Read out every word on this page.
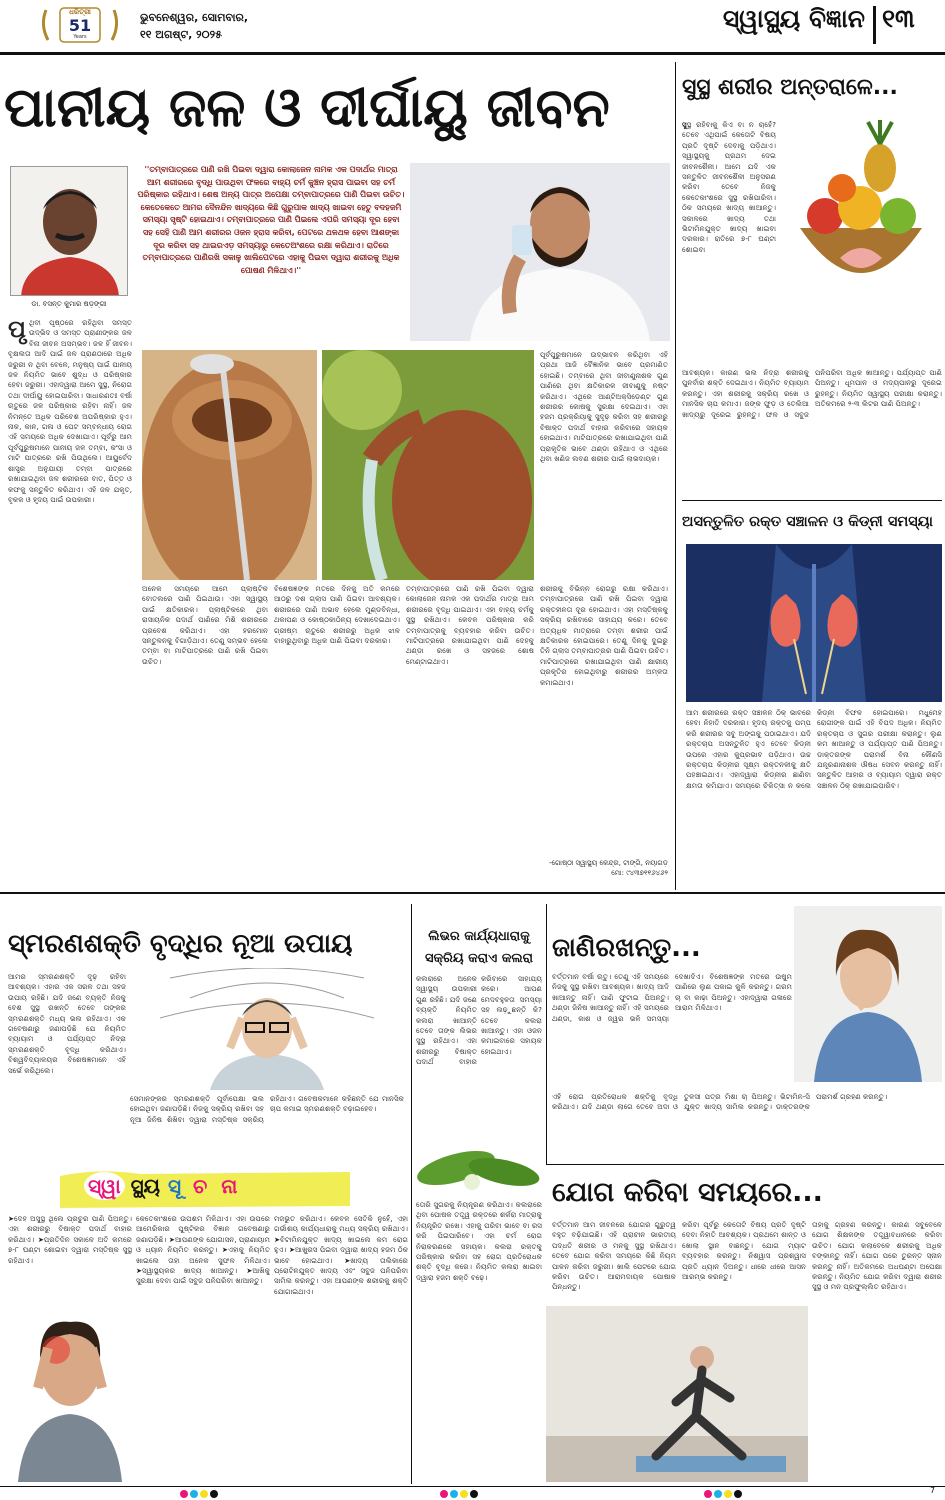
ଧରିତ୍ରୀ
51
Years
ଭୁବନେଶ୍ୱର, ସୋମବାର,
୧୧ ଅଗଷ୍ଟ, ୨୦୨୫
ସ୍ୱାସ୍ଥ୍ୟ ବିଜ୍ଞାନ ୧୩
ପାନୀୟ ଜଳ ଓ ଦୀର୍ଘାୟୁ ଜୀବନ
ଡା. ବସନ୍ତ କୁମାର ଷଡ଼ଙ୍ଗୀ
''ତମ୍ବାପାତ୍ରରେ ପାଣି ରଖି ପିଇବା ଦ୍ୱାରା କୋଲାଜେନ ନାମକ ଏକ ପଦାର୍ଥର ମାତ୍ରା ଆମ ଶରୀରରେ ବୃଦ୍ଧି ପାଉଥିବା ଫଳରେ ବାହ୍ୟ ଚର୍ମ କୁଞ୍ଚନ ହ୍ରାସ ପାଇବା ସହ ଚର୍ମ ପରିଷ୍କାର ରହିଥାଏ। ଶେଷ ଅନ୍ୟ ପାତ୍ର ଅପେକ୍ଷା ତମ୍ବାପାତ୍ରରେ ପାଣି ପିଇବା ଉଚିତ। କେତେକେତେ ଆମର ଦୈନନ୍ଦିନ ଖାଦ୍ୟରେ କିଛି ଗୁରୁପାକ ଖାଦ୍ୟ ଖାଇବା ହେତୁ ବଦହଜମି ସମସ୍ୟା ସୃଷ୍ଟି ହୋଇଥାଏ। ତମ୍ବାପାତ୍ରରେ ପାଣି ପିଇଲେ ଏପରି ସମସ୍ୟା ଦୂର ହେବା ସହ ସେହି ପାଣି ଆମ ଶରୀରର ଓଜନ ହ୍ରାସ କରିବା, ପେଟରେ ଥଳଥଳ ହେବା ଆଶଙ୍କା ଦୂର କରିବା ସହ ଥାଇରଏଡ଼ ସମସ୍ୟାରୁ କେତେଅଂଶରେ ରକ୍ଷା କରିଥାଏ। ରାତିରେ ତମ୍ବାପାତ୍ରରେ ପାଣିରଖି ସକାଳୁ ଖାଲିପେଟରେ ଏହାକୁ ପିଇବା ଦ୍ୱାରା ଶରୀରକୁ ଅଧିକ ପୋଷଣ ମିଳିଥାଏ।''
ପୃ ଥିବୀ ପୃଷ୍ଠରେ ରହିଥିବା ସମସ୍ତ ଉଦ୍ଭିଦ ଓ ସମସ୍ତ ପ୍ରାଣୀଙ୍କର ଜଳ ବିନା ଜୀବନ ଅସମ୍ଭବ। ଜଳ ହିଁ ଜୀବନ। ବୃକ୍ଷଲତା ଆଦି ପାଇଁ ଜଳ ପ୍ରାଣଠାରେ ଅଧିକ ଜରୁରୀ ନ ଥିବା ବେଳେ, ମନୁଷ୍ୟ ପାଇଁ ପାନୀୟ ଜଳ ନିୟମିତ ଭାବେ ଶୁଦ୍ଧ ଓ ପରିଷ୍କାର ହେବା ଜରୁରୀ। ଏହାଦ୍ୱାରା ଆମେ ସୁସ୍ଥ, ନିରୋଗ ତଥା ଦୀର୍ଘାୟୁ ହୋଇପାରିବା। ସାଧାରଣତଃ ବର୍ଷା ଋତୁରେ ଜଳ ପରିଷ୍କାର ରହିବା ନାହିଁ। ଜଳ ନିମନ୍ତେ ଅଧିକ ପରିବେଶ ଅପରିଷ୍କାର ହୁଏ। ନାକ, କାନ, ଗଳା ଓ ପେଟ ସମ୍ବନ୍ଧୀୟ ରୋଗ ଏହି ସମୟରେ ଅଧିକ ଦେଖାଯାଏ। ପୂର୍ବରୁ ଆମ ପୂର୍ବପୁରୁଷମାନେ ପାନୀୟ ଜଳ ତମ୍ବା, କଂସା ଓ ମାଟି ପାତ୍ରରେ ରଖି ପିଉଥିଲେ। ଆୟୁର୍ବେଦ ଶାସ୍ତ୍ର ଅନୁଯାୟୀ ତମ୍ବା ପାତ୍ରରେ ରଖାଯାଇଥିବା ଜଳ ଶରୀରରେ ବାତ, ପିତ୍ତ ଓ କଫକୁ ସନ୍ତୁଳିତ କରିଥାଏ। ଏହି ଜଳ ଯକୃତ, ବୃକକ ଓ ହୃଦୟ ପାଇଁ ଉପକାରୀ।
ପୂର୍ବପୁରୁଷମାନେ ଉଦ୍ଭାବନ କରିଥିବା ଏହି ପ୍ରଥା ଆଜି ବୈଜ୍ଞାନିକ ଭାବେ ପ୍ରମାଣିତ ହୋଇଛି। ତମ୍ବାରେ ଥିବା ଜୀବାଣୁନାଶକ ଗୁଣ ପାଣିରେ ଥିବା କ୍ଷତିକାରକ ଜୀବାଣୁକୁ ନଷ୍ଟ କରିଥାଏ। ଏଥିରେ ଆଣ୍ଟିଅକ୍ସିଡ଼େଣ୍ଟ ଗୁଣ ଶରୀରର କୋଷକୁ ସୁରକ୍ଷା ଦେଇଥାଏ। ଏହା ହଜମ ପ୍ରକ୍ରିୟାକୁ ସୁଦୃଢ଼ କରିବା ସହ ଶରୀରରୁ ବିଷାକ୍ତ ପଦାର୍ଥ ବାହାର କରିବାରେ ସହାୟକ ହୋଇଥାଏ। ମାଟିପାତ୍ରରେ ରଖାଯାଇଥିବା ପାଣି ପ୍ରାକୃତିକ ଭାବେ ଥଣ୍ଡା ରହିଥାଏ ଓ ଏଥିରେ ଥିବା ଖଣିଜ ଲବଣ ଶରୀର ପାଇଁ ଲାଭଦାୟକ।
ଅନେକ ସମୟରେ ଆମେ ପ୍ଲାଷ୍ଟିକ ବୋତଲରେ ପାଣି ପିଇଥାଉ। ଏହା ସ୍ୱାସ୍ଥ୍ୟ ପାଇଁ କ୍ଷତିକାରକ। ପ୍ଲାଷ୍ଟିକରେ ଥିବା ରାସାୟନିକ ପଦାର୍ଥ ପାଣିରେ ମିଶି ଶରୀରରେ ପ୍ରବେଶ କରିଥାଏ। ଏହା ହରମୋନ ସନ୍ତୁଳନକୁ ବିଗାଡ଼ିଥାଏ। ତେଣୁ ସମ୍ଭବ ହେଲେ ତମ୍ବା ବା ମାଟିପାତ୍ରରେ ପାଣି ରଖି ପିଇବା ଉଚିତ।
ବିଶେଷଜ୍ଞଙ୍କ ମତରେ ଦିନକୁ ଅତି କମରେ ଆଠରୁ ଦଶ ଗ୍ଲାସ ପାଣି ପିଇବା ଆବଶ୍ୟକ। ଶରୀରରେ ପାଣି ଅଭାବ ହେଲେ ମୁଣ୍ଡବିନ୍ଧା, ଥକାପଣ ଓ କୋଷ୍ଠକାଠିନ୍ୟ ଦେଖାଦେଇଥାଏ। ଗ୍ରୀଷ୍ମ ଋତୁରେ ଶରୀରରୁ ଅଧିକ ଝାଳ ବାହାରୁଥିବାରୁ ଅଧିକ ପାଣି ପିଇବା ଦରକାର।
ତମ୍ବାପାତ୍ରରେ ପାଣି ରଖି ପିଇବା ଦ୍ୱାରା କୋଲାଜେନ ନାମକ ଏକ ପଦାର୍ଥର ମାତ୍ରା ଆମ ଶରୀରରେ ବୃଦ୍ଧି ପାଇଥାଏ। ଏହା ବାହ୍ୟ ଚର୍ମକୁ ସୁସ୍ଥ ରଖିଥାଏ। କେବଳ ପରିଷ୍କାର କରି ତମ୍ବାପାତ୍ରକୁ ବ୍ୟବହାର କରିବା ଉଚିତ। ମାଟିପାତ୍ରରେ ରଖାଯାଇଥିବା ପାଣି ଦେହକୁ ଥଣ୍ଡା ରଖେ ଓ ସହଜରେ ଶୋଷ ମେଣ୍ଟାଇଥାଏ।
ଶରୀରକୁ ବିଭିନ୍ନ ରୋଗରୁ ରକ୍ଷା କରିଥାଏ। ତମ୍ବାପାତ୍ରରେ ପାଣି ରଖି ପିଇବା ଦ୍ୱାରା ରକ୍ତହୀନତା ଦୂର ହୋଇଥାଏ। ଏହା ମସ୍ତିଷ୍କକୁ ସକ୍ରିୟ ରଖିବାରେ ସାହାଯ୍ୟ କରେ। ତେବେ ଅତ୍ୟଧିକ ମାତ୍ରାରେ ତମ୍ବା ଶରୀର ପାଇଁ କ୍ଷତିକାରକ ହୋଇପାରେ। ତେଣୁ ଦିନକୁ ଦୁଇରୁ ତିନି ଗ୍ଲାସ ତମ୍ବାପାତ୍ରର ପାଣି ପିଇବା ଉଚିତ। ମାଟିପାତ୍ରରେ ରଖାଯାଇଥିବା ପାଣି କ୍ଷାରୀୟ ପ୍ରକୃତିର ହୋଇଥିବାରୁ ଶରୀରର ଅମ୍ଳତା କମାଇଥାଏ।
-ଗୋଷ୍ଠୀ ସ୍ୱାସ୍ଥ୍ୟ କେନ୍ଦ୍ର, ଟାଙ୍ଗି, ନୟାଗଡ଼ ମୋ: ୯୪୩୭୧୧୬୪୬୨
ସୁସ୍ଥ ଶରୀର ଅନ୍ତରାଳେ...
ସୁସ୍ଥ ରହିବାକୁ କିଏ ବା ନ ଚାହେଁ? ତେବେ ଏଥିପାଇଁ କେତୋଟି ବିଷୟ ପ୍ରତି ଦୃଷ୍ଟି ଦେବାକୁ ପଡ଼ିଥାଏ। ସ୍ୱାସ୍ଥ୍ୟକୁ ପ୍ରଥମ ଦେଇ ଜୀବନଶୈଳୀ। ଆମେ ଯଦି ଏକ ସନ୍ତୁଳିତ ଜୀବନଶୈଳୀ ଅନୁସରଣ କରିବା ତେବେ ନିଜକୁ କେତେକାଂଶରେ ସୁସ୍ଥ ରଖିପାରିବା। ଠିକ ସମୟରେ ଖାଦ୍ୟ ଖାଆନ୍ତୁ। ସକାଳରେ ଖାଦ୍ୟ ତଥା ଭିଟାମିନଯୁକ୍ତ ଖାଦ୍ୟ ଖାଇବା ଦରକାର। ରାତିରେ ୭-୮ ଘଣ୍ଟା ଶୋଇବା
ଆବଶ୍ୟକ। କାରଣ ଭଲ ନିଦ୍ରା ଶରୀରକୁ ପୁନର୍ବାର ଶକ୍ତି ଦେଇଥାଏ। ନିୟମିତ ବ୍ୟାୟାମ କରନ୍ତୁ। ଏହା ଶରୀରକୁ ସକ୍ରିୟ ରଖେ ଓ ମାନସିକ ଚାପ କମାଏ। ଜଙ୍କ ଫୁଡ଼ ଓ ତେଲିଆ ଖାଦ୍ୟରୁ ଦୂରେଇ ରୁହନ୍ତୁ। ଫଳ ଓ ସବୁଜ ପନିପରିବା ଅଧିକ ଖାଆନ୍ତୁ। ପର୍ଯ୍ୟାପ୍ତ ପାଣି ପିଅନ୍ତୁ। ଧୂମପାନ ଓ ମଦ୍ୟପାନରୁ ଦୂରେଇ ରୁହନ୍ତୁ। ନିୟମିତ ସ୍ୱାସ୍ଥ୍ୟ ପରୀକ୍ଷା କରାନ୍ତୁ। ଅତିକମରେ ୨-୩ ଲିଟର ପାଣି ପିଅନ୍ତୁ।
ଅସନ୍ତୁଳିତ ରକ୍ତ ସଞ୍ଚାଳନ ଓ କିଡ୍‌ନୀ ସମସ୍ୟା
ଆମ ଶରୀରରେ ରକ୍ତ ସଞ୍ଚାଳନ ଠିକ୍ ଭାବରେ ହେବା ନିହାତି ଦରକାର। ହୃଦୟ ରକ୍ତକୁ ପମ୍ପ କରି ଶରୀରର ସବୁ ଅଙ୍ଗକୁ ପଠାଇଥାଏ। ଯଦି ରକ୍ତଚାପ ଅସନ୍ତୁଳିତ ହୁଏ ତେବେ କିଡ୍‌ନୀ ଉପରେ ଏହାର କୁପ୍ରଭାବ ପଡ଼ିଥାଏ। ଉଚ୍ଚ ରକ୍ତଚାପ କିଡ୍‌ନୀର ସୂକ୍ଷ୍ମ ରକ୍ତନଳୀକୁ କ୍ଷତି ପହଞ୍ଚାଇଥାଏ। ଏହାଦ୍ୱାରା କିଡ୍‌ନୀର ଛାଣିବା କ୍ଷମତା କମିଯାଏ। ସମୟରେ ଚିକିତ୍ସା ନ କଲେ କିଡ୍‌ନୀ ବିଫଳ ହୋଇପାରେ। ମଧୁମେହ ରୋଗୀଙ୍କ ପାଇଁ ଏହି ବିପଦ ଅଧିକ। ନିୟମିତ ରକ୍ତଚାପ ଓ ସୁଗର ପରୀକ୍ଷା କରାନ୍ତୁ। ଲୁଣ କମ ଖାଆନ୍ତୁ ଓ ପର୍ଯ୍ୟାପ୍ତ ପାଣି ପିଅନ୍ତୁ। ଡାକ୍ତରଙ୍କ ପରାମର୍ଶ ବିନା କୌଣସି ଯନ୍ତ୍ରଣାନାଶକ ଔଷଧ ସେବନ କରନ୍ତୁ ନାହିଁ। ସନ୍ତୁଳିତ ଆହାର ଓ ବ୍ୟାୟାମ ଦ୍ୱାରା ରକ୍ତ ସଞ୍ଚାଳନ ଠିକ୍ ରଖାଯାଇପାରିବ।
ସ୍ମରଣଶକ୍ତି ବୃଦ୍ଧିର ନୂଆ ଉପାୟ
ଆମର ସ୍ମରଣଶକ୍ତି ଦୃଢ଼ ରହିବା ଆବଶ୍ୟକ। ଏହାର ଏକ ସରଳ ତଥା ସହଜ ଉପାୟ ରହିଛି। ଯଦି ଜଣେ ବ୍ୟକ୍ତି ନିଜକୁ ବେଶ ସୁସ୍ଥ ରଖନ୍ତି ତେବେ ତାଙ୍କର ସ୍ମରଣଶକ୍ତି ମଧ୍ୟ ଭଲ ରହିଥାଏ। ଏକ ଗବେଷଣାରୁ ଜଣାପଡ଼ିଛି ଯେ ନିୟମିତ ବ୍ୟାୟାମ ଓ ପର୍ଯ୍ୟାପ୍ତ ନିଦ୍ରା ସ୍ମରଣଶକ୍ତି ବୃଦ୍ଧି କରିଥାଏ। ବିଶ୍ୱବିଦ୍ୟାଳୟର ବିଶେଷଜ୍ଞମାନେ ଏହି ସର୍ଭେ କରିଥିଲେ।
ସେମାନଙ୍କର ସ୍ମରଣଶକ୍ତି ପୂର୍ବାପେକ୍ଷା ଭଲ ହୋଇଥିବା ଜଣାପଡ଼ିଛି। ନିଜକୁ ସକ୍ରିୟ ରଖିବା ସହ ନୂଆ ଜିନିଷ ଶିଖିବା ଦ୍ୱାରା ମସ୍ତିଷ୍କ ସକ୍ରିୟ ରହିଥାଏ। ଗବେଷକମାନେ କହିଛନ୍ତି ଯେ ମାନସିକ ଚାପ କମାଇ ସ୍ମରଣଶକ୍ତି ବଢ଼ାଇହେବ।
ଲିଭର କାର୍ଯ୍ୟଧାରାକୁ ସକ୍ରିୟ କରାଏ କଲରା
କଲରାରେ ଅନେକ ସ୍ୱାସ୍ଥ୍ୟ ଉପକାରୀ ଗୁଣ ରହିଛି। ଯଦି ଜଣେ ବ୍ୟକ୍ତି ନିୟମିତ କଲରା ଖାଆନ୍ତି ତେବେ ତାଙ୍କ ଲିଭର ସୁସ୍ଥ ରହିଥାଏ। ଏହା ଶରୀରରୁ ବିଷାକ୍ତ ପଦାର୍ଥ ବାହାର କରିବାରେ ସାହାଯ୍ୟ କରେ। ଆପଣ ମେଦବହୁଳତା ସମସ୍ୟା ସହ ଲଢ଼ୁଛନ୍ତି କି? ତେବେ କଲରା ଖାଆନ୍ତୁ। ଏହା ଓଜନ କମାଇବାରେ ସହାୟକ ହୋଇଥାଏ।
ତୋରି ସୁଗରକୁ ନିୟନ୍ତ୍ରଣ କରିଥାଏ। କଲରାରେ ଥିବା ପୋଷକ ତତ୍ତ୍ୱ ରକ୍ତରେ ଶର୍କରା ମାତ୍ରାକୁ ନିୟନ୍ତ୍ରିତ ରଖେ। ଏହାକୁ ପରିବା ଭାବେ ବା ରସ କରି ପିଇପାରିବେ। ଏହା ଚର୍ମ ରୋଗ ନିରାକରଣରେ ସହାୟକ। କଲରା ରକ୍ତକୁ ପରିଷ୍କାର କରିବା ସହ ରୋଗ ପ୍ରତିରୋଧକ ଶକ୍ତି ବୃଦ୍ଧି କରେ। ନିୟମିତ କଲରା ଖାଇବା ଦ୍ୱାରା ହଜମ ଶକ୍ତି ବଢ଼େ।
ଜାଣିରଖନ୍ତୁ...
ବର୍ତ୍ତମାନ ବର୍ଷା ଋତୁ। ତେଣୁ ଏହି ସମୟରେ ନିଜକୁ ସୁସ୍ଥ ରଖିବା ଆବଶ୍ୟକ। ଖାଦ୍ୟ ଆଦି ଖାଆନ୍ତୁ ନାହିଁ। ପାଣି ଫୁଟାଇ ପିଅନ୍ତୁ। ଥଣ୍ଡା ଜିନିଷ ଖାଆନ୍ତୁ ନାହିଁ। ଏହି ସମୟରେ ଥଣ୍ଡା, କାଶ ଓ ଜ୍ୱର ଭଳି ସମସ୍ୟା ଦେଖାଦିଏ। ବିଶେଷଜ୍ଞଙ୍କ ମତରେ ଉଷୁମ ପାଣିରେ ଲୁଣ ପକାଇ କୁଳି କରନ୍ତୁ। ଗରମ ଚା ବା କାଢ଼ା ପିଅନ୍ତୁ। ଏହାଦ୍ୱାରା ଗଳାରେ ଆରାମ ମିଳିଥାଏ।
ଏହି ରୋଗ ପ୍ରତିରୋଧକ ଶକ୍ତିକୁ ବୃଦ୍ଧି କରିଥାଏ। ଯଦି ଥଣ୍ଡା ଲାଗେ ତେବେ ଅଦା ଓ ତୁଳସୀ ପତ୍ର ମିଶା ଚା ପିଅନ୍ତୁ। ଭିଟାମିନ-ସି ଯୁକ୍ତ ଖାଦ୍ୟ ସାମିଲ କରନ୍ତୁ। ଡାକ୍ତରଙ୍କ ପରାମର୍ଶ ଗ୍ରହଣ କରନ୍ତୁ।
ସ୍ୱା ସ୍ଥ୍ୟ ସୂ ଚ ନା
➤ଦେହ ଅସୁସ୍ଥ ଥିଲେ ପ୍ରଚୁର ପାଣି ପିଅନ୍ତୁ। ଏହା ଶରୀରରୁ ବିଷାକ୍ତ ପଦାର୍ଥ ବାହାର କରିଥାଏ। ➤ପ୍ରତିଦିନ ସକାଳେ ଅତି କମରେ ୭-୮ ଘଣ୍ଟା ଶୋଇବା ଦ୍ୱାରା ମସ୍ତିଷ୍କ ସୁସ୍ଥ ରହିଥାଏ।
କେତେକାଂଶରେ ଉପଶମ ମିଳିଥାଏ। ଏହା ଉପରେ ଆମେରିକାର ପୁଷ୍ଟିକର ବିଜ୍ଞାନ ଗବେଷଣାରୁ ଜଣାପଡ଼ିଛି। ➤ଆପଣଙ୍କ ଯୋଗାସନ, ପ୍ରାଣାୟାମ ଓ ଧ୍ୟାନ ନିୟମିତ କରନ୍ତୁ। ➤ଏହାକୁ ନିୟମିତ ଖାଇଲେ ତାହା ଅନେକ ସୁଫଳ ମିଳିଥାଏ। ➤ସ୍ୱାସ୍ଥ୍ୟକର ଖାଦ୍ୟ ଖାଆନ୍ତୁ। ➤ଆଖିକୁ ସୁରକ୍ଷା ଦେବା ପାଇଁ ସବୁଜ ପନିପରିବା ଖାଆନ୍ତୁ।
ମଜଭୁତ କରିଥାଏ। କେବଳ ସେତିକି ନୁହେଁ, ଏହା ଗର୍ଭାଶୟ କାର୍ଯ୍ୟଧାରାକୁ ମଧ୍ୟ ସକ୍ରିୟ ରଖିଥାଏ। ➤ବିଟାମିନଯୁକ୍ତ ଖାଦ୍ୟ ଖାଇଲେ କମ ରୋଗ ହୁଏ। ➤ଆଖୁରସ ପିଇବା ଦ୍ୱାରା ଖାଦ୍ୟ ହଜମ ଠିକ ଭାବେ ହୋଇଥାଏ। ➤ଖାଦ୍ୟ ତାଲିକାରେ ପ୍ରୋଟିନଯୁକ୍ତ ଖାଦ୍ୟ ଏବଂ ସବୁଜ ପନିପରିବା ସାମିଲ କରନ୍ତୁ। ଏହା ଆପଣଙ୍କ ଶରୀରକୁ ଶକ୍ତି ଯୋଗାଇଥାଏ।
ଯୋଗ କରିବା ସମୟରେ...
ବର୍ତ୍ତମାନ ଆମ ଜୀବନରେ ଯୋଗର ଗୁରୁତ୍ୱ ବହୁତ ବଢ଼ିଯାଇଛି। ଏହି ପ୍ରାଚୀନ ଭାରତୀୟ ପଦ୍ଧତି ଶରୀର ଓ ମନକୁ ସୁସ୍ଥ ରଖିଥାଏ। ତେବେ ଯୋଗ କରିବା ସମୟରେ କିଛି ନିୟମ ପାଳନ କରିବା ଜରୁରୀ। ଖାଲି ପେଟରେ ଯୋଗ କରିବା ଉଚିତ। ଆରାମଦାୟକ ପୋଷାକ ପିନ୍ଧନ୍ତୁ।
କରିବା ପୂର୍ବରୁ କେତୋଟି ବିଷୟ ପ୍ରତି ଦୃଷ୍ଟି ଦେବା ନିହାତି ଆବଶ୍ୟକ। ପ୍ରଥମେ ଶାନ୍ତ ଓ ଖୋଲା ସ୍ଥାନ ବାଛନ୍ତୁ। ଯୋଗ ମ୍ୟାଟ ବ୍ୟବହାର କରନ୍ତୁ। ନିଶ୍ୱାସ ପ୍ରଶ୍ୱାସ ପ୍ରତି ଧ୍ୟାନ ଦିଅନ୍ତୁ। ଧୀରେ ଧୀରେ ଆସନ ଆରମ୍ଭ କରନ୍ତୁ।
ତାହାକୁ ଗ୍ରହଣ କରନ୍ତୁ। କାରଣ ସବୁବେଳେ ଯୋଗ ଶିକ୍ଷକଙ୍କ ତତ୍ତ୍ୱାବଧାନରେ କରିବା ଉଚିତ। ଯୋଗ କଲାବେଳେ ଶରୀରକୁ ଅଧିକ ବଙ୍କାନ୍ତୁ ନାହିଁ। ଯୋଗ ପରେ ତୁରନ୍ତ ସ୍ନାନ କରନ୍ତୁ ନାହିଁ। ଅତିକମରେ ଅଧଘଣ୍ଟା ଅପେକ୍ଷା କରନ୍ତୁ। ନିୟମିତ ଯୋଗ କରିବା ଦ୍ୱାରା ଶରୀର ସୁସ୍ଥ ଓ ମନ ପ୍ରଫୁଲ୍ଲିତ ରହିଥାଏ।
7
